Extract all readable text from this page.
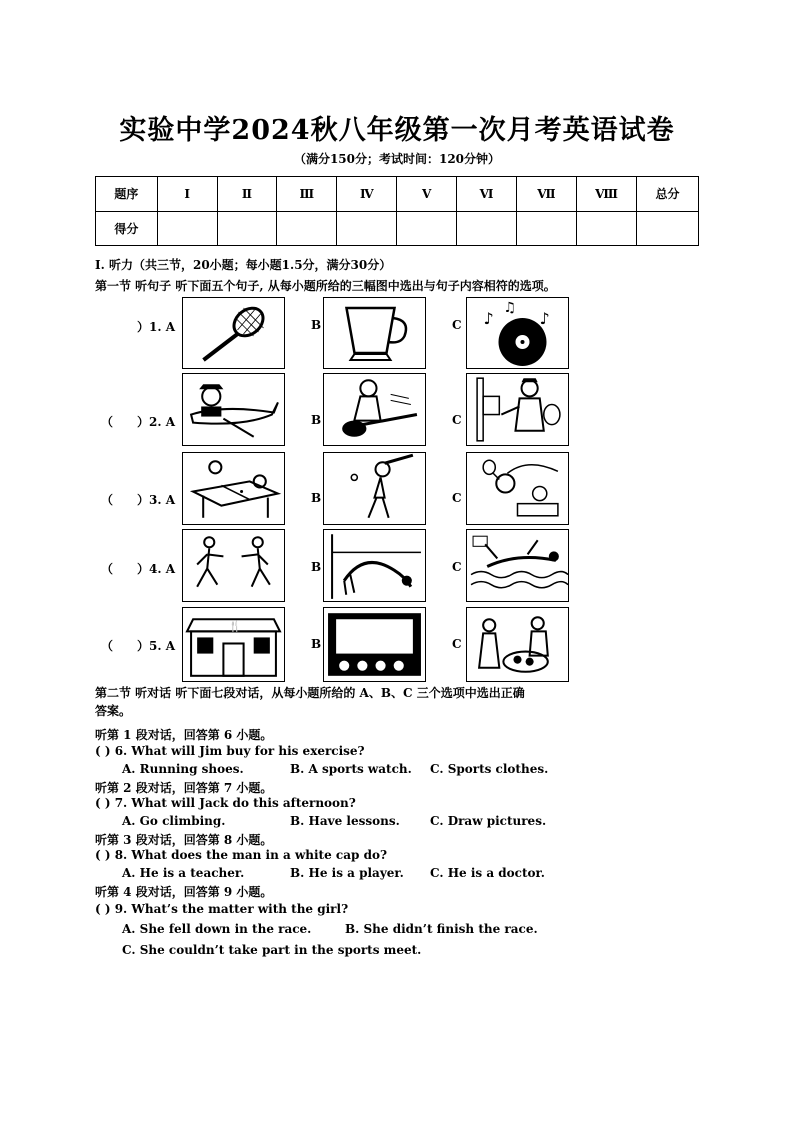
实验中学2024秋八年级第一次月考英语试卷
（满分150分；考试时间：120分钟）
题序	Ⅰ	Ⅱ	Ⅲ	Ⅳ	Ⅴ	Ⅵ	Ⅶ	Ⅷ	总分
得分									
I. 听力（共三节，20小题；每小题1.5分，满分30分）
第一节 听句子 听下面五个句子, 从每小题所给的三幅图中选出与句子内容相符的选项。
）1. A	B	C ♪
♫
♪
（ ）2. A	B	C
（ ）3. A	B	C
（ ）4. A	B	C
（ ）5. A
🍴
B	C
第二节 听对话 听下面七段对话，从每小题所给的 A、B、C 三个选项中选出正确
答案。
听第 1 段对话，回答第 6 小题。
( ) 6. What will Jim buy for his exercise?
A. Running shoes.	B. A sports watch. C. Sports clothes.
听第 2 段对话，回答第 7 小题。
( ) 7. What will Jack do this afternoon?
A. Go climbing.	B. Have lessons.	C. Draw pictures.
听第 3 段对话，回答第 8 小题。
( ) 8. What does the man in a white cap do?
A. He is a teacher.	B. He is a player. C. He is a doctor.
听第 4 段对话，回答第 9 小题。
( ) 9. What’s the matter with the girl?
A. She fell down in the race.	B. She didn’t finish the race.
C. She couldn’t take part in the sports meet.
